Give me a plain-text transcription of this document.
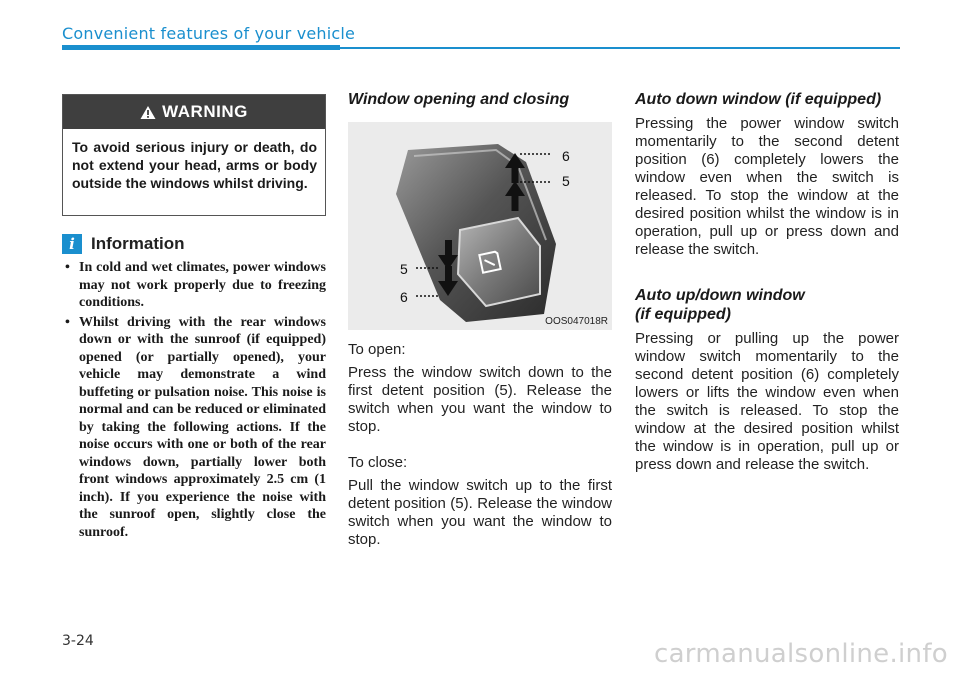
Convenient features of your vehicle
WARNING
To avoid serious injury or death, do not extend your head, arms or body outside the windows whilst driving.
i Information
• In cold and wet climates, power windows may not work properly due to freezing conditions.
• Whilst driving with the rear windows down or with the sunroof (if equipped) opened (or partially opened), your vehicle may demonstrate a wind buffeting or pulsation noise. This noise is normal and can be reduced or eliminated by taking the following actions. If the noise occurs with one or both of the rear windows down, partially lower both front windows approximately 2.5 cm (1 inch). If you experience the noise with the sunroof open, slightly close the sunroof.
Window opening and closing
6
5
5
6
OOS047018R

To open:

Press the window switch down to the first detent position (5). Release the switch when you want the window to stop.

To close:

Pull the window switch up to the first detent position (5). Release the window switch when you want the window to stop.

Auto down window (if equipped)

Pressing the power window switch momentarily to the second detent position (6) completely lowers the window even when the switch is released. To stop the window at the desired position whilst the window is in operation, pull up or press down and release the switch.

Auto up/down window
(if equipped)

Pressing or pulling up the power window switch momentarily to the second detent position (6) completely lowers or lifts the window even when the switch is released. To stop the window at the desired position whilst the window is in operation, pull up or press down and release the switch.

3-24	carmanualsonline.info
